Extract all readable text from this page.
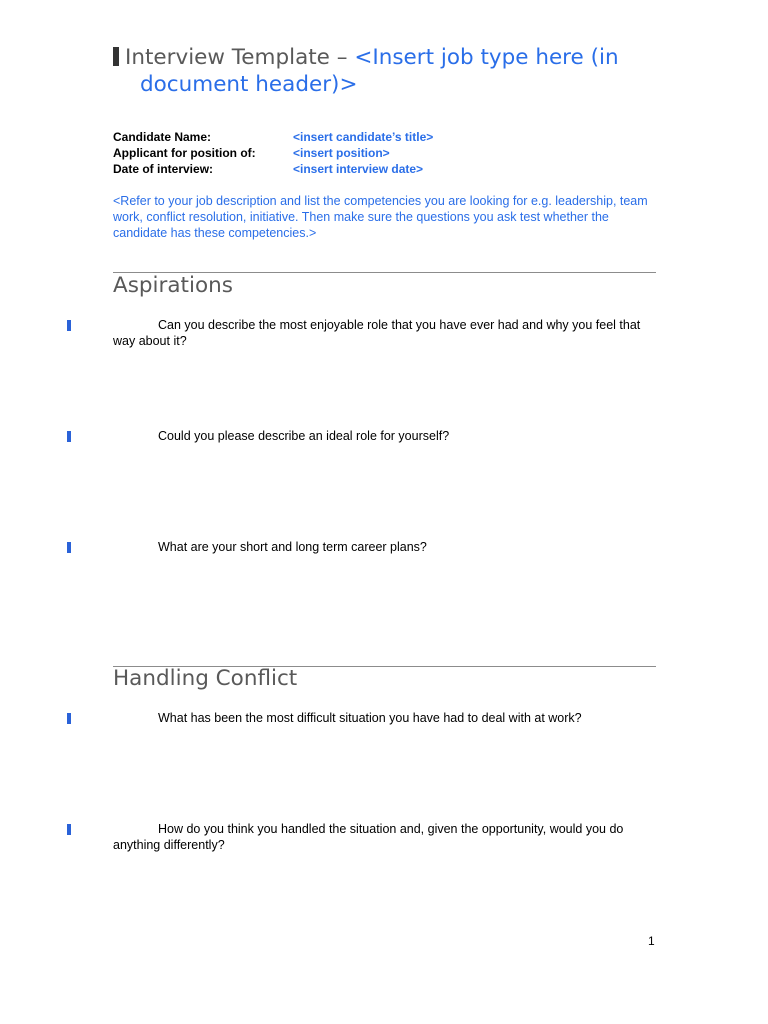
Interview Template – <Insert job type here (in
document header)>
Candidate Name:	<insert candidate’s title>
Applicant for position of:	<insert position>
Date of interview:	<insert interview date>
<Refer to your job description and list the competencies you are looking for e.g. leadership, team work, conflict resolution, initiative. Then make sure the questions you ask test whether the candidate has these competencies.>
Aspirations
Can you describe the most enjoyable role that you have ever had and why you feel that way about it?
Could you please describe an ideal role for yourself?
What are your short and long term career plans?
Handling Conflict
What has been the most difficult situation you have had to deal with at work?
How do you think you handled the situation and, given the opportunity, would you do anything differently?
1
